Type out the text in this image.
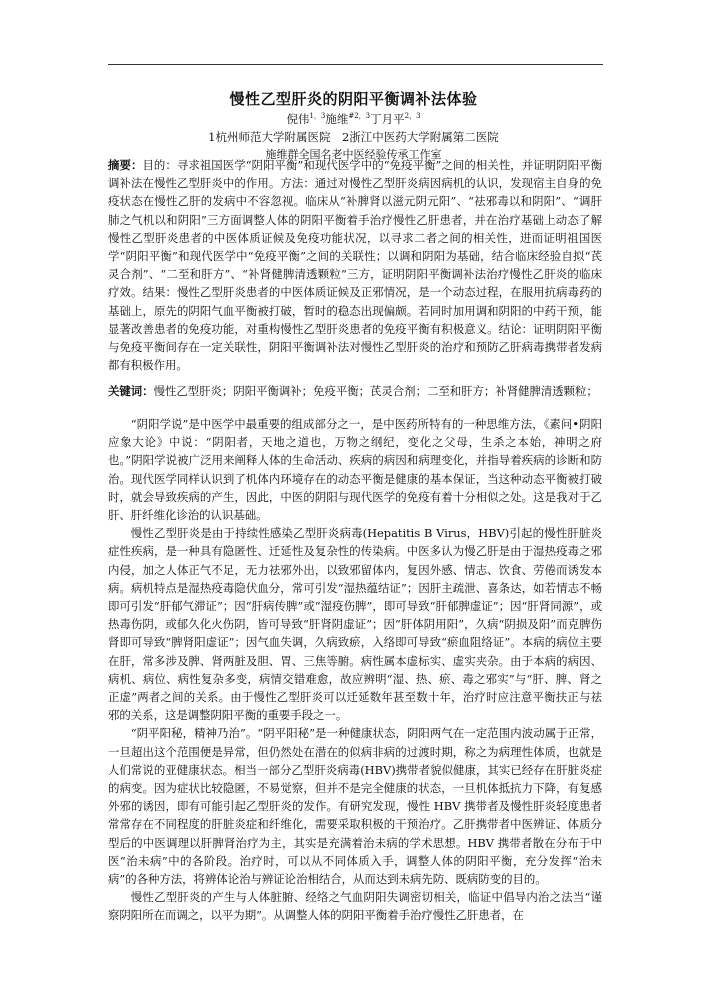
慢性乙型肝炎的阴阳平衡调补法体验
倪伟$^{1,3}$施维$^{\#2,3}$丁月平$^{2,3}$
1杭州师范大学附属医院　2浙江中医药大学附属第二医院
施维群全国名老中医经验传承工作室
摘要：目的：寻求祖国医学“阴阳平衡”和现代医学中的“免疫平衡”之间的相关性，并证明阴阳平衡调补法在慢性乙型肝炎中的作用。方法：通过对慢性乙型肝炎病因病机的认识，发现宿主自身的免疫状态在慢性乙肝的发病中不容忽视。临床从“补脾肾以滋元阴元阳”、“祛邪毒以和阴阳”、“调肝肺之气机以和阴阳”三方面调整人体的阴阳平衡着手治疗慢性乙肝患者，并在治疗基础上动态了解慢性乙型肝炎患者的中医体质证候及免疫功能状况，以寻求二者之间的相关性，进而证明祖国医学“阴阳平衡”和现代医学中“免疫平衡”之间的关联性；以调和阴阳为基础，结合临床经验自拟“芪灵合剂”、“二至和肝方”、“补肾健脾清透颗粒”三方，证明阴阳平衡调补法治疗慢性乙肝炎的临床疗效。结果：慢性乙型肝炎患者的中医体质证候及正邪情况，是一个动态过程，在服用抗病毒药的基础上，原先的阴阳气血平衡被打破，暂时的稳态出现偏颇。若同时加用调和阴阳的中药干预，能显著改善患者的免疫功能，对重构慢性乙型肝炎患者的免疫平衡有积极意义。结论：证明阴阳平衡与免疫平衡间存在一定关联性，阴阳平衡调补法对慢性乙型肝炎的治疗和预防乙肝病毒携带者发病都有积极作用。
关键词：慢性乙型肝炎；阴阳平衡调补；免疫平衡；芪灵合剂；二至和肝方；补肾健脾清透颗粒；

“阴阳学说”是中医学中最重要的组成部分之一，是中医药所特有的一种思维方法，《素问•阴阳应象大论》中说：“阴阳者，天地之道也，万物之纲纪，变化之父母，生杀之本始，神明之府也。”阴阳学说被广泛用来阐释人体的生命活动、疾病的病因和病理变化，并指导着疾病的诊断和防治。现代医学同样认识到了机体内环境存在的动态平衡是健康的基本保证，当这种动态平衡被打破时，就会导致疾病的产生，因此，中医的阴阳与现代医学的免疫有着十分相似之处。这是我对于乙肝、肝纤维化诊治的认识基础。

慢性乙型肝炎是由于持续性感染乙型肝炎病毒(Hepatitis B Virus，HBV)引起的慢性肝脏炎症性疾病，是一种具有隐匿性、迁延性及复杂性的传染病。中医多认为慢乙肝是由于湿热疫毒之邪内侵，加之人体正气不足，无力祛邪外出，以致邪留体内，复因外感、情志、饮食、劳倦而诱发本病。病机特点是湿热疫毒隐伏血分，常可引发“湿热蕴结证”；因肝主疏泄、喜条达，如若情志不畅即可引发“肝郁气滞证”；因“肝病传脾”或“湿疫伤脾”，即可导致“肝郁脾虚证”；因“肝肾同源”，或热毒伤阴，或郁久化火伤阴，皆可导致“肝肾阴虚证”；因“肝体阴用阳”，久病“阴损及阳”而克脾伤肾即可导致“脾肾阳虚证”；因气血失调，久病致瘀，入络即可导致“瘀血阻络证”。本病的病位主要在肝，常多涉及脾、肾两脏及胆、胃、三焦等腑。病性属本虚标实、虚实夹杂。由于本病的病因、病机、病位、病性复杂多变，病情交错难愈，故应辨明“湿、热、瘀、毒之邪实”与“肝、脾、肾之正虚”两者之间的关系。由于慢性乙型肝炎可以迁延数年甚至数十年，治疗时应注意平衡扶正与祛邪的关系，这是调整阴阳平衡的重要手段之一。

“阴平阳秘，精神乃治”。“阴平阳秘”是一种健康状态，阴阳两气在一定范围内波动属于正常，一旦超出这个范围便是异常，但仍然处在潜在的似病非病的过渡时期，称之为病理性体质，也就是人们常说的亚健康状态。相当一部分乙型肝炎病毒(HBV)携带者貌似健康，其实已经存在肝脏炎症的病变。因为症状比较隐匿，不易觉察，但并不是完全健康的状态，一旦机体抵抗力下降，有复感外邪的诱因，即有可能引起乙型肝炎的发作。有研究发现，慢性 HBV 携带者及慢性肝炎轻度患者常常存在不同程度的肝脏炎症和纤维化，需要采取积极的干预治疗。乙肝携带者中医辨证、体质分型后的中医调理以肝脾肾治疗为主，其实是充满着治未病的学术思想。HBV 携带者散在分布于中医“治未病”中的各阶段。治疗时，可以从不同体质入手，调整人体的阴阳平衡，充分发挥“治未病”的各种方法，将辨体论治与辨证论治相结合，从而达到未病先防、既病防变的目的。

慢性乙型肝炎的产生与人体脏腑、经络之气血阴阳失调密切相关，临证中倡导内治之法当“谨察阴阳所在而调之，以平为期”。从调整人体的阴阳平衡着手治疗慢性乙肝患者，在
